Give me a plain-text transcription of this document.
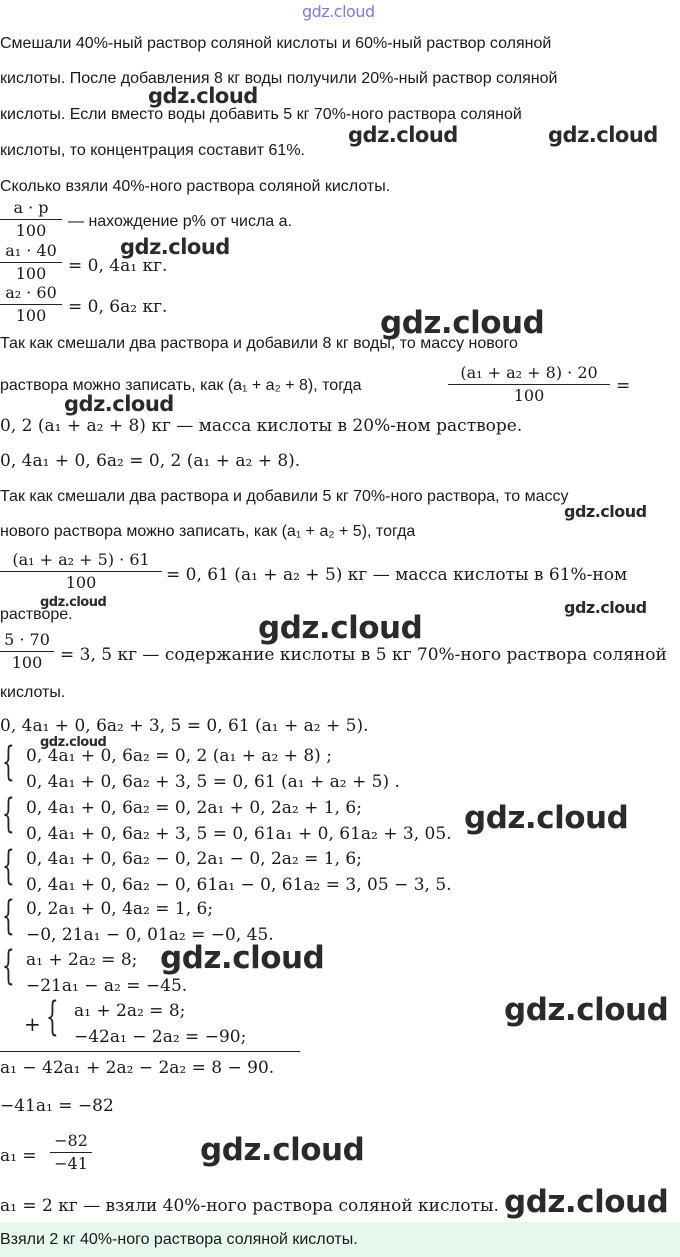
gdz.cloud
gdz.cloud
gdz.cloud	gdz.cloud
gdz.cloud
gdz.cloud
gdz.cloud
gdz.cloud
gdz.cloud	gdz.cloud
gdz.cloud
gdz.cloud
gdz.cloud
gdz.cloud
gdz.cloud
gdz.cloud
gdz.cloud
Смешали 40%-ный раствор соляной кислоты и 60%-ный раствор соляной
кислоты. После добавления 8 кг воды получили 20%-ный раствор соляной
кислоты. Если вместо воды добавить 5 кг 70%-ного раствора соляной
кислоты, то концентрация составит 61%.
Сколько взяли 40%-ного раствора соляной кислоты.
$\frac{a \cdot p}{100}$ — нахождение p% от числа a.
$\frac{\text{a₁ · 40}}{100} = 0$, 4a₁ кг.
$\frac{\text{a₂ · 60}}{100} = 0$, 6a₂ кг.
Так как смешали два раствора и добавили 8 кг воды, то массу нового
раствора можно записать, как (a₁ + a₂ + 8), тогда	$\frac{\text{(a₁ + a₂ + 8) · 20}}{100}$ =
0, 2 (a₁ + a₂ + 8) кг — масса кислоты в 20%-ном растворе.
0, 4a₁ + 0, 6a₂ = 0, 2 (a₁ + a₂ + 8).
Так как смешали два раствора и добавили 5 кг 70%-ного раствора, то массу
нового раствора можно записать, как (a₁ + a₂ + 5), тогда
$\frac{\text{(a₁ + a₂ + 5) · 61}}{100} = 0$, 61 (a₁ + a₂ + 5) кг — масса кислоты в 61%-ном
растворе.
$\frac{5 \cdot 70}{100} = 3$, 5 кг — содержание кислоты в 5 кг 70%-ного раствора соляной
кислоты.
0, 4a₁ + 0, 6a₂ + 3, 5 = 0, 61 (a₁ + a₂ + 5).
{ 0, 4a₁ + 0, 6a₂ = 0, 2 (a₁ + a₂ + 8) ;
0, 4a₁ + 0, 6a₂ + 3, 5 = 0, 61 (a₁ + a₂ + 5) .
{ 0, 4a₁ + 0, 6a₂ = 0, 2a₁ + 0, 2a₂ + 1, 6;
0, 4a₁ + 0, 6a₂ + 3, 5 = 0, 61a₁ + 0, 61a₂ + 3, 05.
{ 0, 4a₁ + 0, 6a₂ − 0, 2a₁ − 0, 2a₂ = 1, 6;
0, 4a₁ + 0, 6a₂ − 0, 61a₁ − 0, 61a₂ = 3, 05 − 3, 5.
{ 0, 2a₁ + 0, 4a₂ = 1, 6;
−0, 21a₁ − 0, 01a₂ = −0, 45.
{ a₁ + 2a₂ = 8;
−21a₁ − a₂ = −45.
+ { a₁ + 2a₂ = 8;
−42a₁ − 2a₂ = −90;
a₁ − 42a₁ + 2a₂ − 2a₂ = 8 − 90.
−41a₁ = −82
$a_1 = \frac{-82}{-41}$
a₁ = 2 кг — взяли 40%-ного раствора соляной кислоты.
Взяли 2 кг 40%-ного раствора соляной кислоты.
